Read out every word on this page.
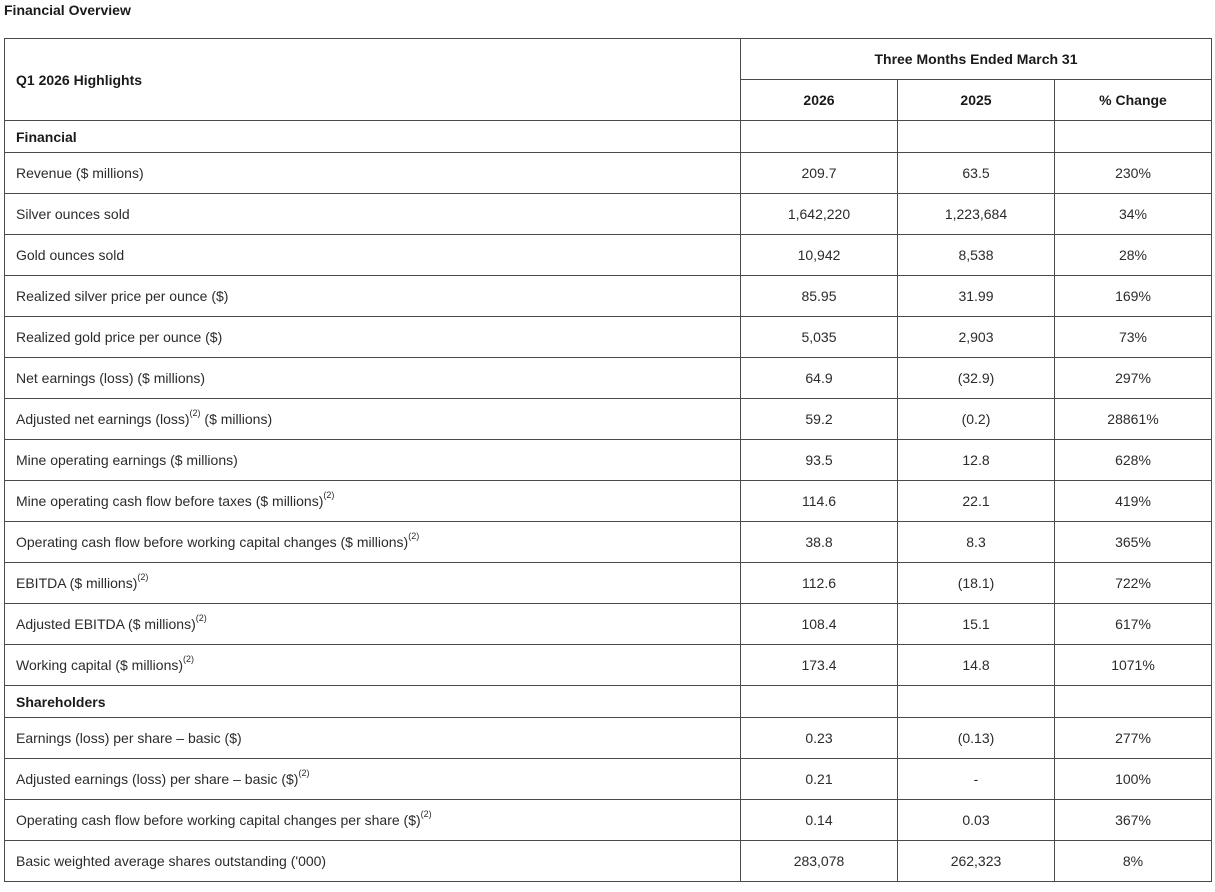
Financial Overview
Q1 2026 Highlights	Three Months Ended March 31		
	2026	2025	% Change
Financial			
Revenue ($ millions)	209.7	63.5	230%
Silver ounces sold	1,642,220	1,223,684	34%
Gold ounces sold	10,942	8,538	28%
Realized silver price per ounce ($)	85.95	31.99	169%
Realized gold price per ounce ($)	5,035	2,903	73%
Net earnings (loss) ($ millions)	64.9	(32.9)	297%
Adjusted net earnings (loss)$^{(2)}$ ($ millions)	59.2	(0.2)	28861%
Mine operating earnings ($ millions)	93.5	12.8	628%
Mine operating cash flow before taxes ($ millions)$^{(2)}$	114.6	22.1	419%
Operating cash flow before working capital changes ($ millions)$^{(2)}$	38.8	8.3	365%
EBITDA ($ millions)$^{(2)}$	112.6	(18.1)	722%
Adjusted EBITDA ($ millions)$^{(2)}$	108.4	15.1	617%
Working capital ($ millions)$^{(2)}$	173.4	14.8	1071%
Shareholders			
Earnings (loss) per share – basic ($)	0.23	(0.13)	277%
Adjusted earnings (loss) per share – basic ($)$^{(2)}$	0.21	-	100%
Operating cash flow before working capital changes per share ($)$^{(2)}$	0.14	0.03	367%
Basic weighted average shares outstanding ('000)	283,078	262,323	8%
